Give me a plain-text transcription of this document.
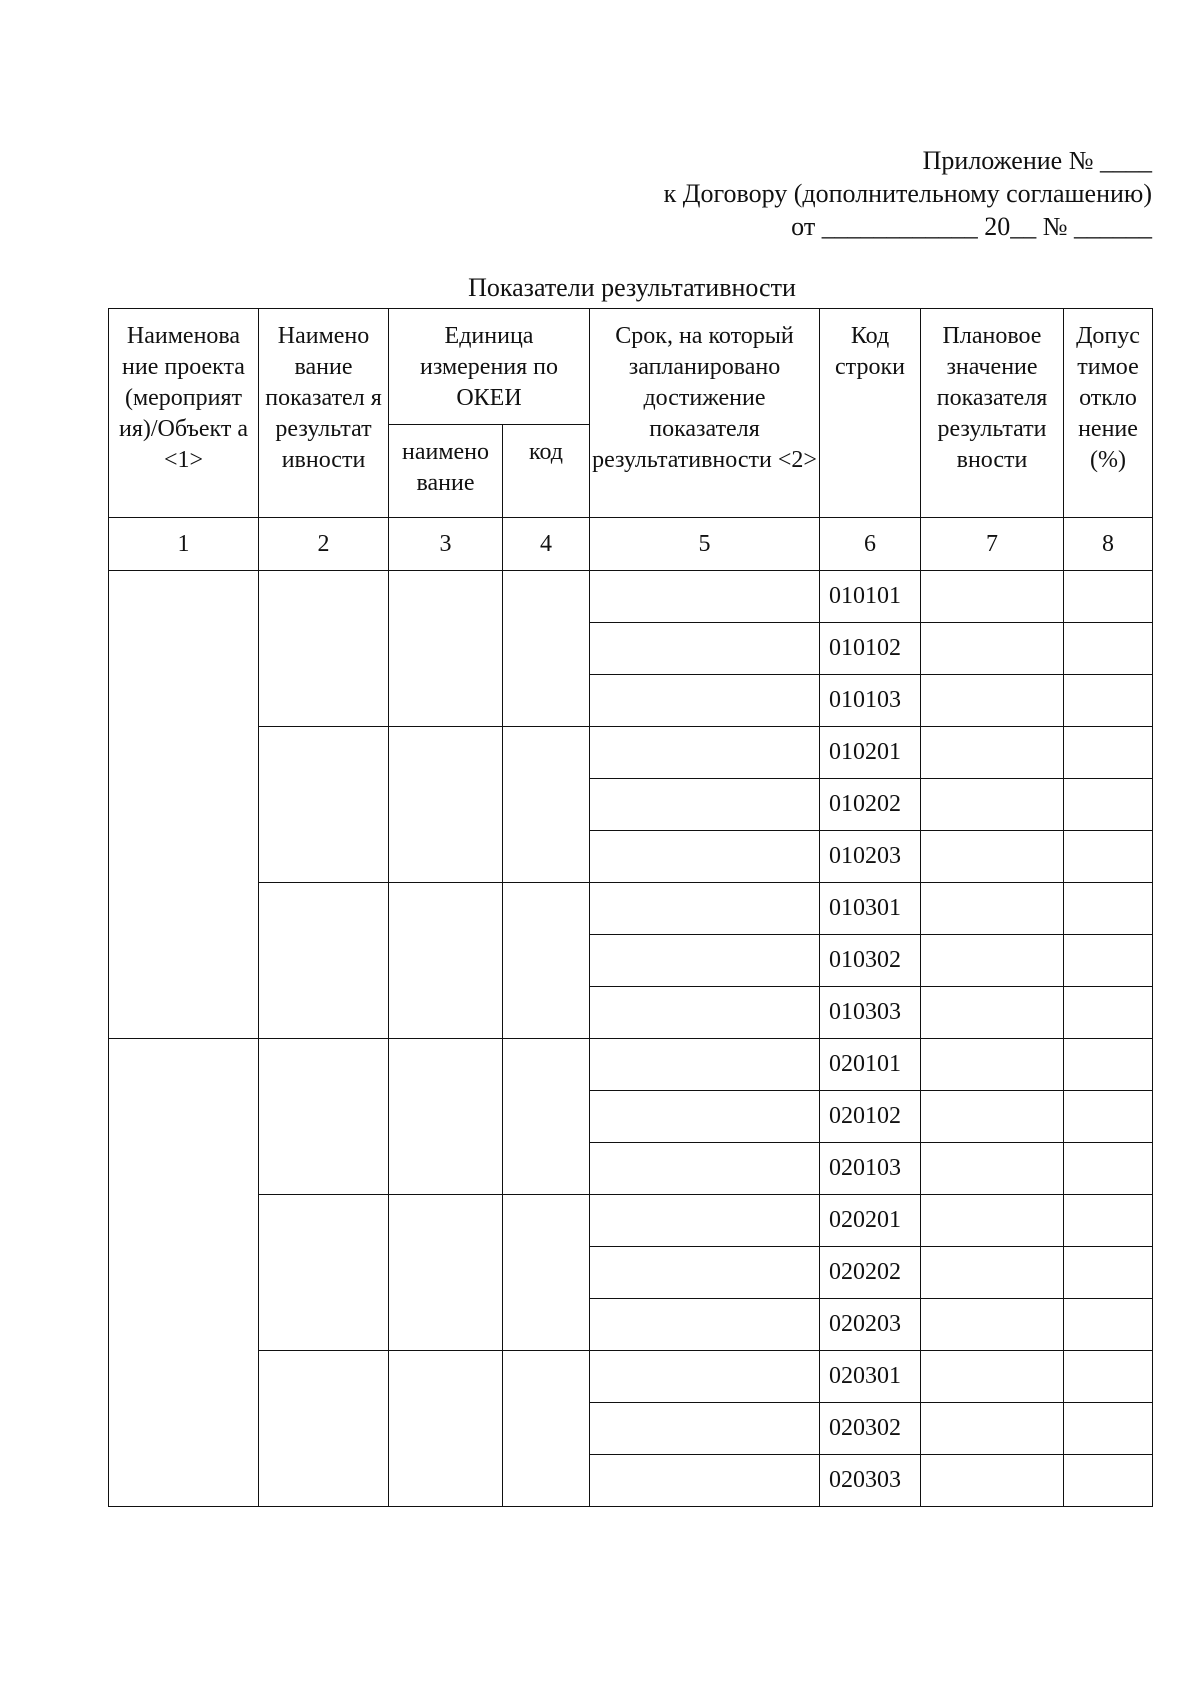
Приложение № ____
к Договору (дополнительному соглашению)
от ____________ 20__ № ______
Показатели результативности
Наименова ние проекта (мероприят ия)/Объект а <1>	Наимено вание показател я результат ивности	Единица измерения по ОКЕИ		Срок, на который запланировано достижение показателя результативности <2>	Код строки	Плановое значение показателя результати вности	Допус тимое откло нение (%)
		наимено вание	код				
1	2	3	4	5	6	7	8
					010101		
					010102		
					010103		
					010201		
					010202		
					010203		
					010301		
					010302		
					010303		
					020101		
					020102		
					020103		
					020201		
					020202		
					020203		
					020301		
					020302		
					020303		
